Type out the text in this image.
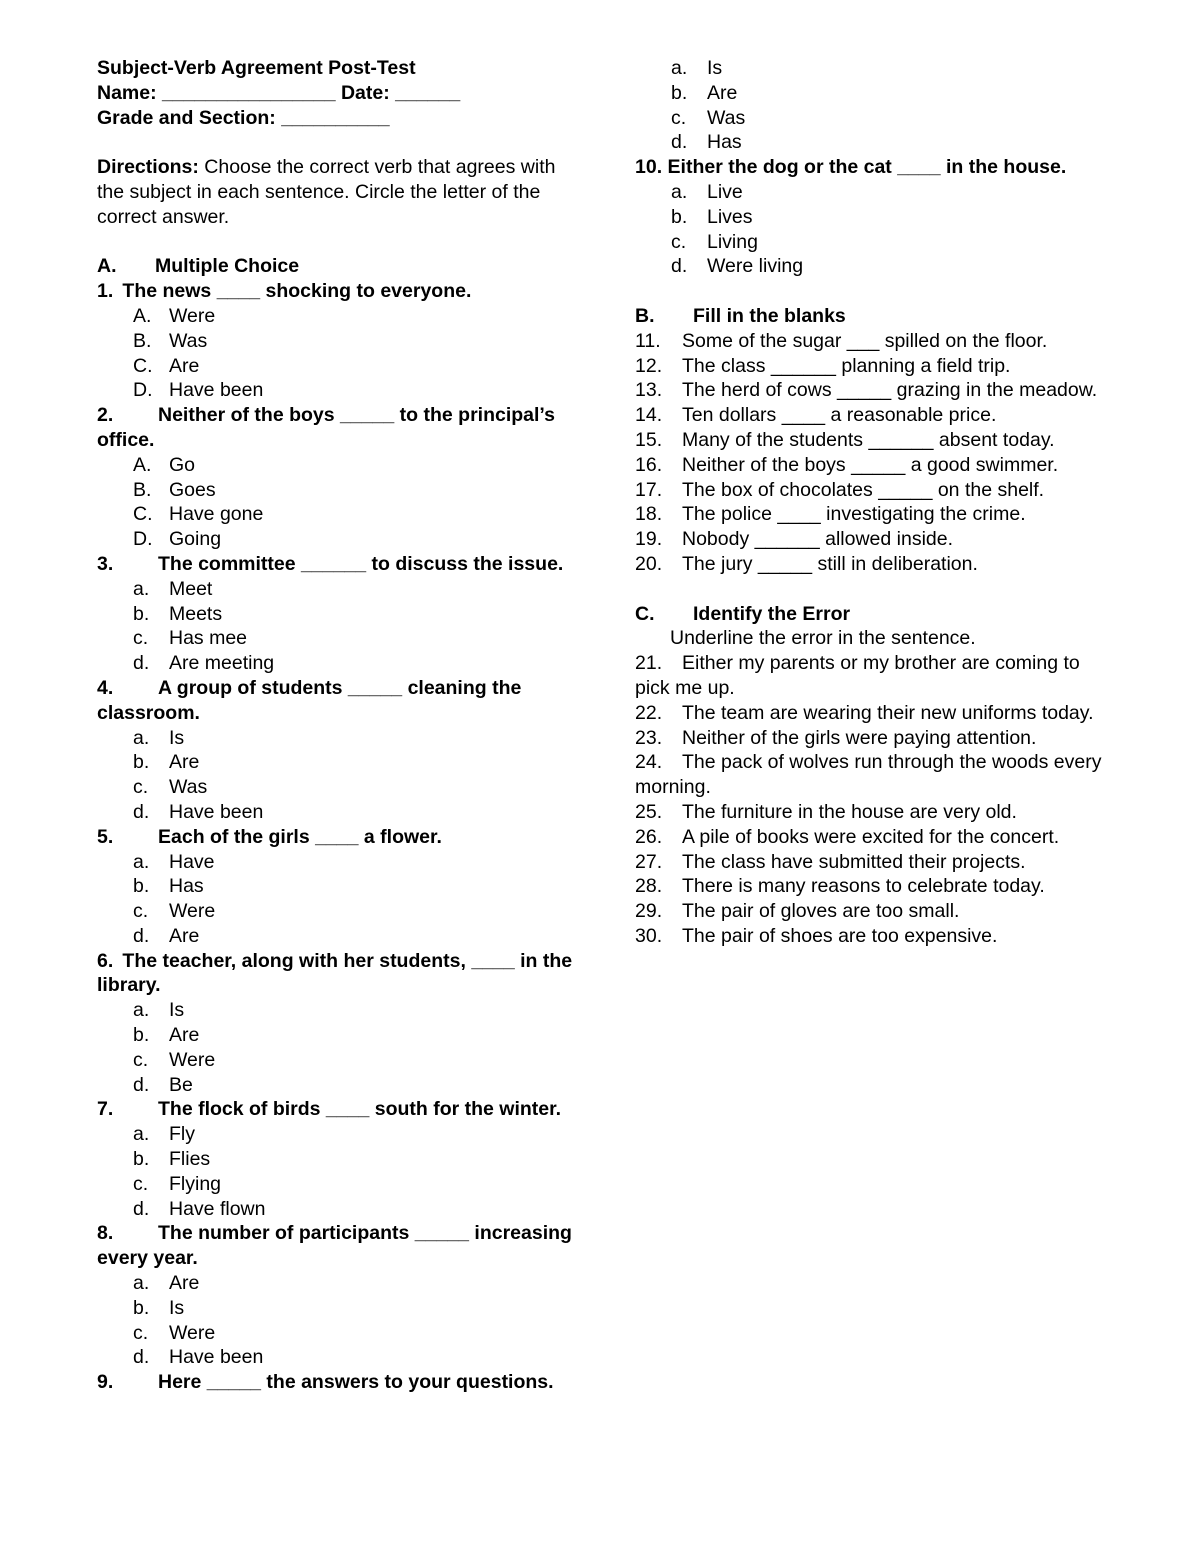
Subject-Verb Agreement Post-Test
Name: ________________ Date: ______
Grade and Section: __________
Directions: Choose the correct verb that agrees with the subject in each sentence. Circle the letter of the correct answer.
A. Multiple Choice
1. The news ____ shocking to everyone.
A. Were
B. Was
C. Are
D. Have been
2. Neither of the boys _____ to the principal’s office.
A. Go
B. Goes
C. Have gone
D. Going
3. The committee ______ to discuss the issue.
a. Meet
b. Meets
c. Has mee
d. Are meeting
4. A group of students _____ cleaning the classroom.
a. Is
b. Are
c. Was
d. Have been
5. Each of the girls ____ a flower.
a. Have
b. Has
c. Were
d. Are
6. The teacher, along with her students, ____ in the library.
a. Is
b. Are
c. Were
d. Be
7. The flock of birds ____ south for the winter.
a. Fly
b. Flies
c. Flying
d. Have flown
8. The number of participants _____ increasing every year.
a. Are
b. Is
c. Were
d. Have been
9. Here _____ the answers to your questions.
a. Is
b. Are
c. Was
d. Has
10. Either the dog or the cat ____ in the house.
a. Live
b. Lives
c. Living
d. Were living
B. Fill in the blanks
11. Some of the sugar ___ spilled on the floor.
12. The class ______ planning a field trip.
13. The herd of cows _____ grazing in the meadow.
14. Ten dollars ____ a reasonable price.
15. Many of the students ______ absent today.
16. Neither of the boys _____ a good swimmer.
17. The box of chocolates _____ on the shelf.
18. The police ____ investigating the crime.
19. Nobody ______ allowed inside.
20. The jury _____ still in deliberation.
C. Identify the Error
Underline the error in the sentence.
21. Either my parents or my brother are coming to pick me up.
22. The team are wearing their new uniforms today.
23. Neither of the girls were paying attention.
24. The pack of wolves run through the woods every morning.
25. The furniture in the house are very old.
26. A pile of books were excited for the concert.
27. The class have submitted their projects.
28. There is many reasons to celebrate today.
29. The pair of gloves are too small.
30. The pair of shoes are too expensive.
